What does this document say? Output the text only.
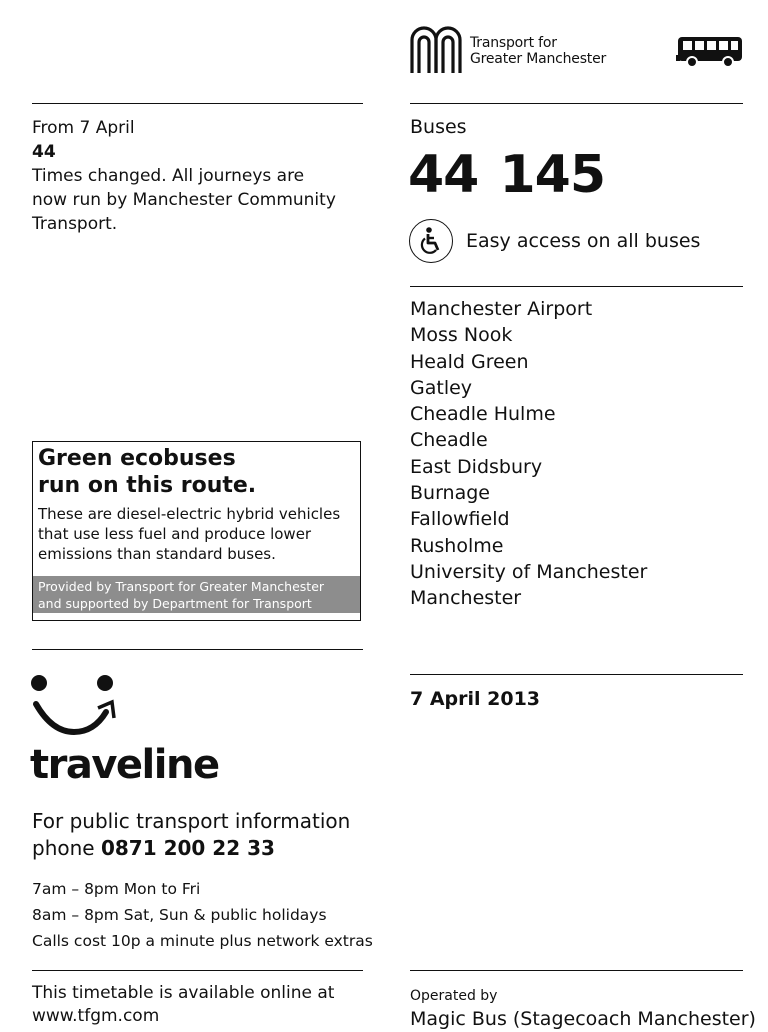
Transport for
Greater Manchester
From 7 April
44
Times changed. All journeys are
now run by Manchester Community
Transport.
Green ecobuses
run on this route.
These are diesel-electric hybrid vehicles
that use less fuel and produce lower
emissions than standard buses.
Provided by Transport for Greater Manchester
and supported by Department for Transport
traveline
For public transport information
phone 0871 200 22 33
7am – 8pm Mon to Fri
8am – 8pm Sat, Sun & public holidays
Calls cost 10p a minute plus network extras
This timetable is available online at
www.tfgm.com
Buses
44 145
Easy access on all buses
Manchester Airport
Moss Nook
Heald Green
Gatley
Cheadle Hulme
Cheadle
East Didsbury
Burnage
Fallowfield
Rusholme
University of Manchester
Manchester
7 April 2013
Operated by
Magic Bus (Stagecoach Manchester)
